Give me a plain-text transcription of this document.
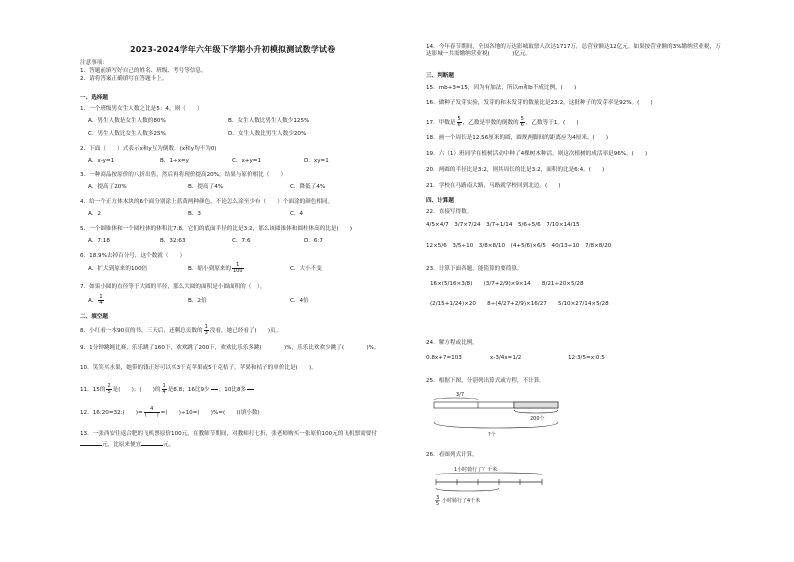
2023-2024学年六年级下学期小升初模拟测试数学试卷
注意事项：
1．答题前填写好自己的姓名、班级、考号等信息。
2．请将答案正确填写在答题卡上。
一、选择题
1．一个班级男女生人数之比是5：4，则（　　）
A．男生人数是女生人数的80%	B．女生人数比男生人数少125%
C．男生人数比女生人数多25%	D．女生人数比男生人数少20%
2．下面（　　）式表示x和y互为倒数．(x和y均不为0)
A．x-y=1	B．1÷x=y	C．x+y=1	D．xy=1
3．一种商品按原价的八折出售，然后再将现价提高20%，结果与原价相比（　　）
A．提高了20%	B．提高了4%	C．降低了4%
4．给一个正方体木块的6个面分别涂上蓝黄两种颜色，不论怎么涂至少有（　　）个面涂的颜色相同。
A．2	B．3	C．4
5．一个圆锥体和一个圆柱体的体积比7:8，它们的底面半径的比是3:2，那么该圆锥体和圆柱体高的比是(　　)
A．7:18	B．32:63	C．7:6	D．6:7
6．18.9%去掉百分号，这个数就（　　）
A．扩大到原来的100倍	B．缩小到原来的 $\frac{1}{100}$	C．大小不变
7．如果小圆的直径等于大圆的半径，那么大圆的面积是小圆面积的（　）。
A． $\frac{1}{4}$	B．2倍	C．4倍
二、填空题
8．小红看一本90页的书，三天后，还剩总页数的 $\frac{1}{3}$ 没看，她已经看了(　　)页。
9．1分钟跳绳比赛，乐乐跳了160下，欢欢跳了200下，欢欢比乐乐多跳(　　　　)%，乐乐比欢欢少跳了(　　　　)%。
10．笑笑买水果，她带的钱正好可以买3千克苹果或5千克桔子。苹果和桔子的单价比是(　　)。
11．15的 $\frac{2}{5}$ 是(　　)；(　　)的 $\frac{1}{4}$ 是8.8；16比9少

　 ；10比8多

12．16:20=32:(　　)= $\frac{4}{( )}$ =(　　)÷10=(　　)%=(　　)(填小数)
13．一张西安往返合肥的飞机票原价100元，在教师节期间，对教师打七折，张老师购买一张原价100元的飞机票需要付
元，比原来便宜	元。
14．今年春节期间，全国各地的万达影城取票人次达1717万，总营业额达12亿元。如果按营业额的3%缴纳营业税，万达影城一共需缴纳营业税(　　　　)亿元。
三、判断题
15．mb+3=15，因为有加法，所以m和b不成比例。(　　)
16．做种子发芽实验，发芽的和未发芽的数量比是23:2，这批种子的发芽率是92%。(　　)
17．甲数是 $\frac{5}{6}$ ，乙数是甲数的倒数的 $\frac{5}{6}$ ，乙数等于1。(　　)
18．画一个周长是12.56厘米的圆，圆规两脚间的距离应为4厘米。(　　)
19．六（1）班同学在植树活动中种了4棵树木种活，则这次植树的成活率是96%。(　　)
20．两圆的半径比是3:2，则其周长的比是3:2，面积的比是6:4。(　　)
21．学校在马路南大路，马路就学校回到北边。(　　)
四、计算题
22．直接写得数。
4/5×4/7　3/7×7/24　3/7÷1/14　5/6÷5/6　7/10×14/15
12×5/6　3/5÷10　3/8×8/10　(4+5/6)×6/5　40/13÷10　7/8×8/20
23．计算下面各题，能简算的要简算。
16×(5/16×3/8)　　(3/7+2/9)×9×14　　8/21÷20×5/28
(2/15+1/24)×20　　8÷(4/27+2/9)×16/27　　5/10×27/14×5/28
24．解方程或比例。
0.8x+7=103	x-3/4x=1/2	12:3/5=x:0.5
25．根据下图，分别列出算式或方程，不计算。
3/7
200个
?个
26．看图列式计算。
1小时骑行了？千米
3
5 小时骑行了4千米
